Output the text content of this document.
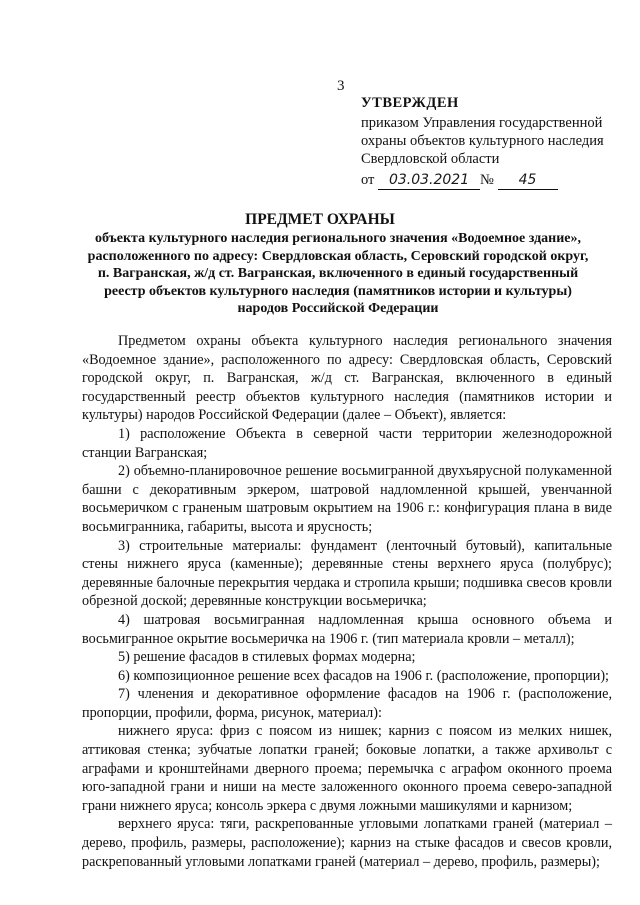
3
УТВЕРЖДЕН
приказом Управления государственной
охраны объектов культурного наследия
Свердловской области
от 03.03.2021 № 45
ПРЕДМЕТ ОХРАНЫ
объекта культурного наследия регионального значения «Водоемное здание»,
расположенного по адресу: Свердловская область, Серовский городской округ,
п. Вагранская, ж/д ст. Вагранская, включенного в единый государственный
реестр объектов культурного наследия (памятников истории и культуры)
народов Российской Федерации

Предметом охраны объекта культурного наследия регионального значения «Водоемное здание», расположенного по адресу: Свердловская область, Серовский городской округ, п. Вагранская, ж/д ст. Вагранская, включенного в единый государственный реестр объектов культурного наследия (памятников истории и культуры) народов Российской Федерации (далее – Объект), является:

1) расположение Объекта в северной части территории железнодорожной станции Вагранская;

2) объемно-планировочное решение восьмигранной двухъярусной полукаменной башни с декоративным эркером, шатровой надломленной крышей, увенчанной восьмеричком с граненым шатровым окрытием на 1906 г.: конфигурация плана в виде восьмигранника, габариты, высота и ярусность;

3) строительные материалы: фундамент (ленточный бутовый), капитальные стены нижнего яруса (каменные); деревянные стены верхнего яруса (полубрус); деревянные балочные перекрытия чердака и стропила крыши; подшивка свесов кровли обрезной доской; деревянные конструкции восьмеричка;

4) шатровая восьмигранная надломленная крыша основного объема и восьмигранное окрытие восьмеричка на 1906 г. (тип материала кровли – металл);

5) решение фасадов в стилевых формах модерна;

6) композиционное решение всех фасадов на 1906 г. (расположение, пропорции);

7) членения и декоративное оформление фасадов на 1906 г. (расположение, пропорции, профили, форма, рисунок, материал):

нижнего яруса: фриз с поясом из нишек; карниз с поясом из мелких нишек, аттиковая стенка; зубчатые лопатки граней; боковые лопатки, а также архивольт с аграфами и кронштейнами дверного проема; перемычка с аграфом оконного проема юго-западной грани и ниши на месте заложенного оконного проема северо-западной грани нижнего яруса; консоль эркера с двумя ложными машикулями и карнизом;

верхнего яруса: тяги, раскрепованные угловыми лопатками граней (материал – дерево, профиль, размеры, расположение); карниз на стыке фасадов и свесов кровли, раскрепованный угловыми лопатками граней (материал – дерево, профиль, размеры);
